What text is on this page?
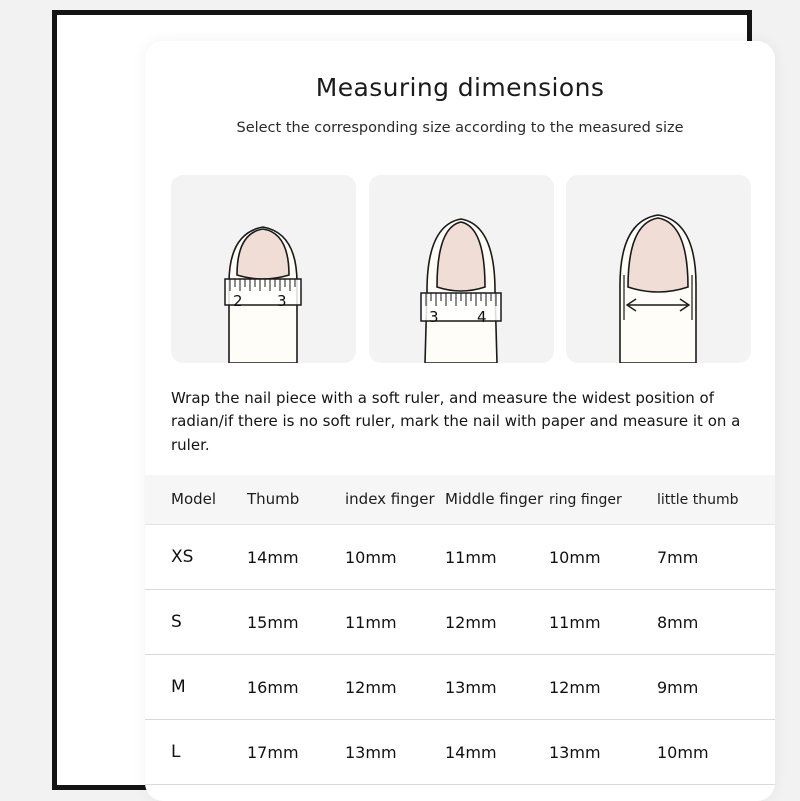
Measuring dimensions
Select the corresponding size according to the measured size
2 3
3	4
Wrap the nail piece with a soft ruler, and measure the widest position of radian/if there is no soft ruler, mark the nail with paper and measure it on a ruler.
Model	Thumb	index finger	Middle finger	ring finger	little thumb
XS	14mm	10mm	11mm	10mm	7mm
S	15mm	11mm	12mm	11mm	8mm
M	16mm	12mm	13mm	12mm	9mm
L	17mm	13mm	14mm	13mm	10mm
